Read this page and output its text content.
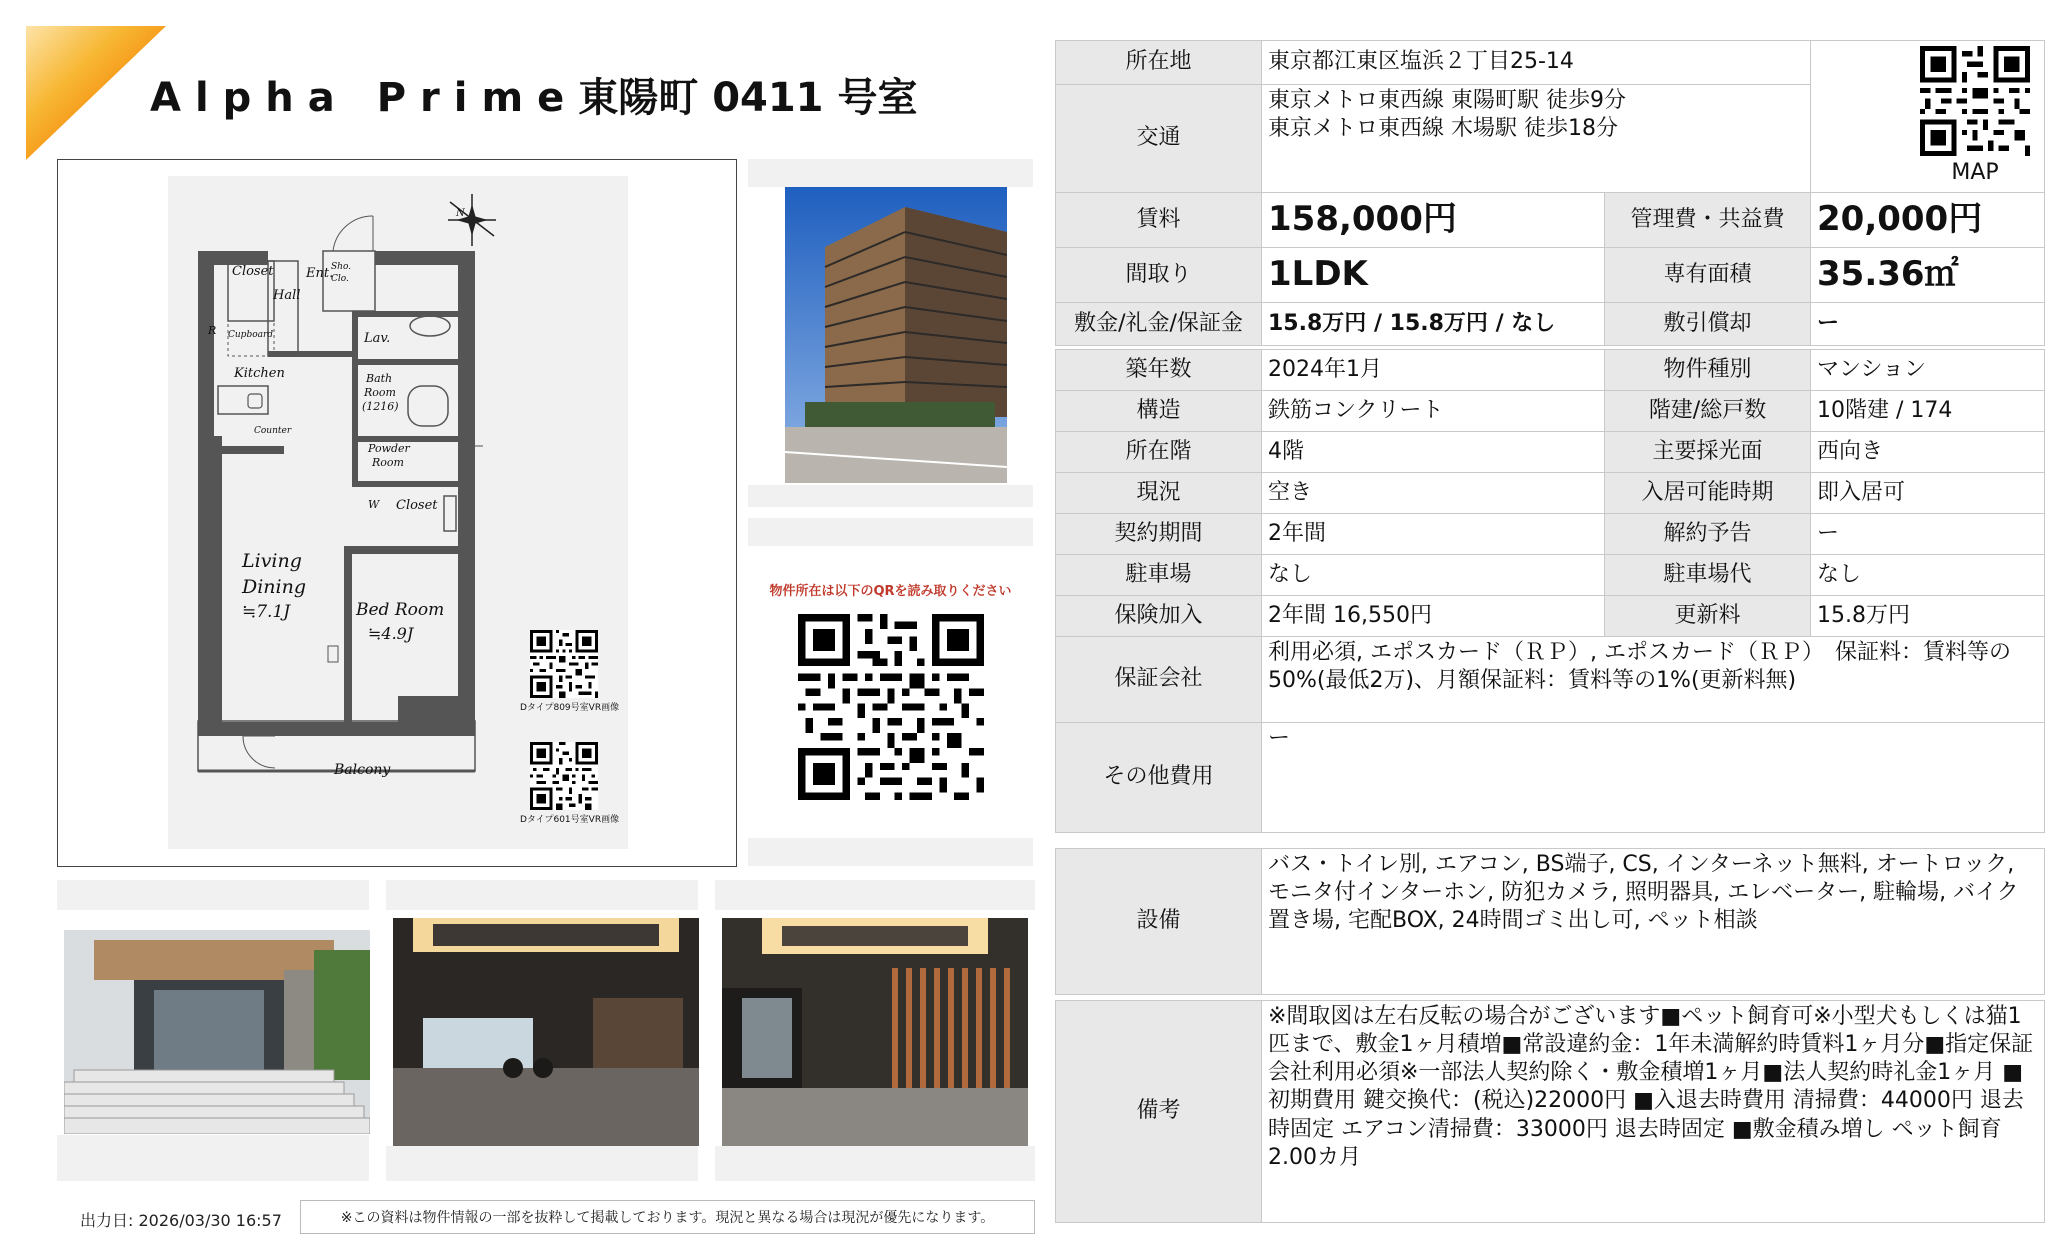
Alpha Prime東陽町 0411 号室
N
Closet
Hall
Ent.
Sho.
Clo.
R Cupboard	Lav.
Kitchen	Bath
Room
(1216)
Counter
Powder
Room
W Closet
Living
Dining
≒7.1J	Bed Room
≒4.9J
Balcony
Dタイプ809号室VR画像
Dタイプ601号室VR画像
物件所在は以下のQRを読み取りください
出力日: 2026/03/30 16:57	※この資料は物件情報の一部を抜粋して掲載しております。現況と異なる場合は現況が優先になります。
所在地	東京都江東区塩浜２丁目25-14		
交通	東京メトロ東西線 東陽町駅 徒歩9分
東京メトロ東西線 木場駅 徒歩18分		

賃料	158,000円	管理費・共益費	20,000円
間取り	1LDK	専有面積	35.36㎡
敷金/礼金/保証金	15.8万円 / 15.8万円 / なし	敷引償却	ー
MAP
築年数	2024年1月	物件種別	マンション
構造	鉄筋コンクリート	階建/総戸数	10階建 / 174
所在階	4階	主要採光面	西向き
現況	空き	入居可能時期	即入居可
契約期間	2年間	解約予告	ー
駐車場	なし	駐車場代	なし
保険加入	2年間 16,550円	更新料	15.8万円
保証会社	利用必須, エポスカード（ＲＰ）, エポスカード（ＲＰ）　保証料：賃料等の50%(最低2万)、月額保証料：賃料等の1%(更新料無)		
その他費用	ー		
設備	バス・トイレ別, エアコン, BS端子, CS, インターネット無料, オートロック, モニタ付インターホン, 防犯カメラ, 照明器具, エレベーター, 駐輪場, バイク置き場, 宅配BOX, 24時間ゴミ出し可, ペット相談
備考	※間取図は左右反転の場合がございます■ペット飼育可※小型犬もしくは猫1匹まで、敷金1ヶ月積増■常設違約金：1年未満解約時賃料1ヶ月分■指定保証会社利用必須※一部法人契約除く・敷金積増1ヶ月■法人契約時礼金1ヶ月 ■初期費用 鍵交換代：(税込)22000円 ■入退去時費用 清掃費：44000円 退去時固定 エアコン清掃費：33000円 退去時固定 ■敷金積み増し ペット飼育2.00カ月
